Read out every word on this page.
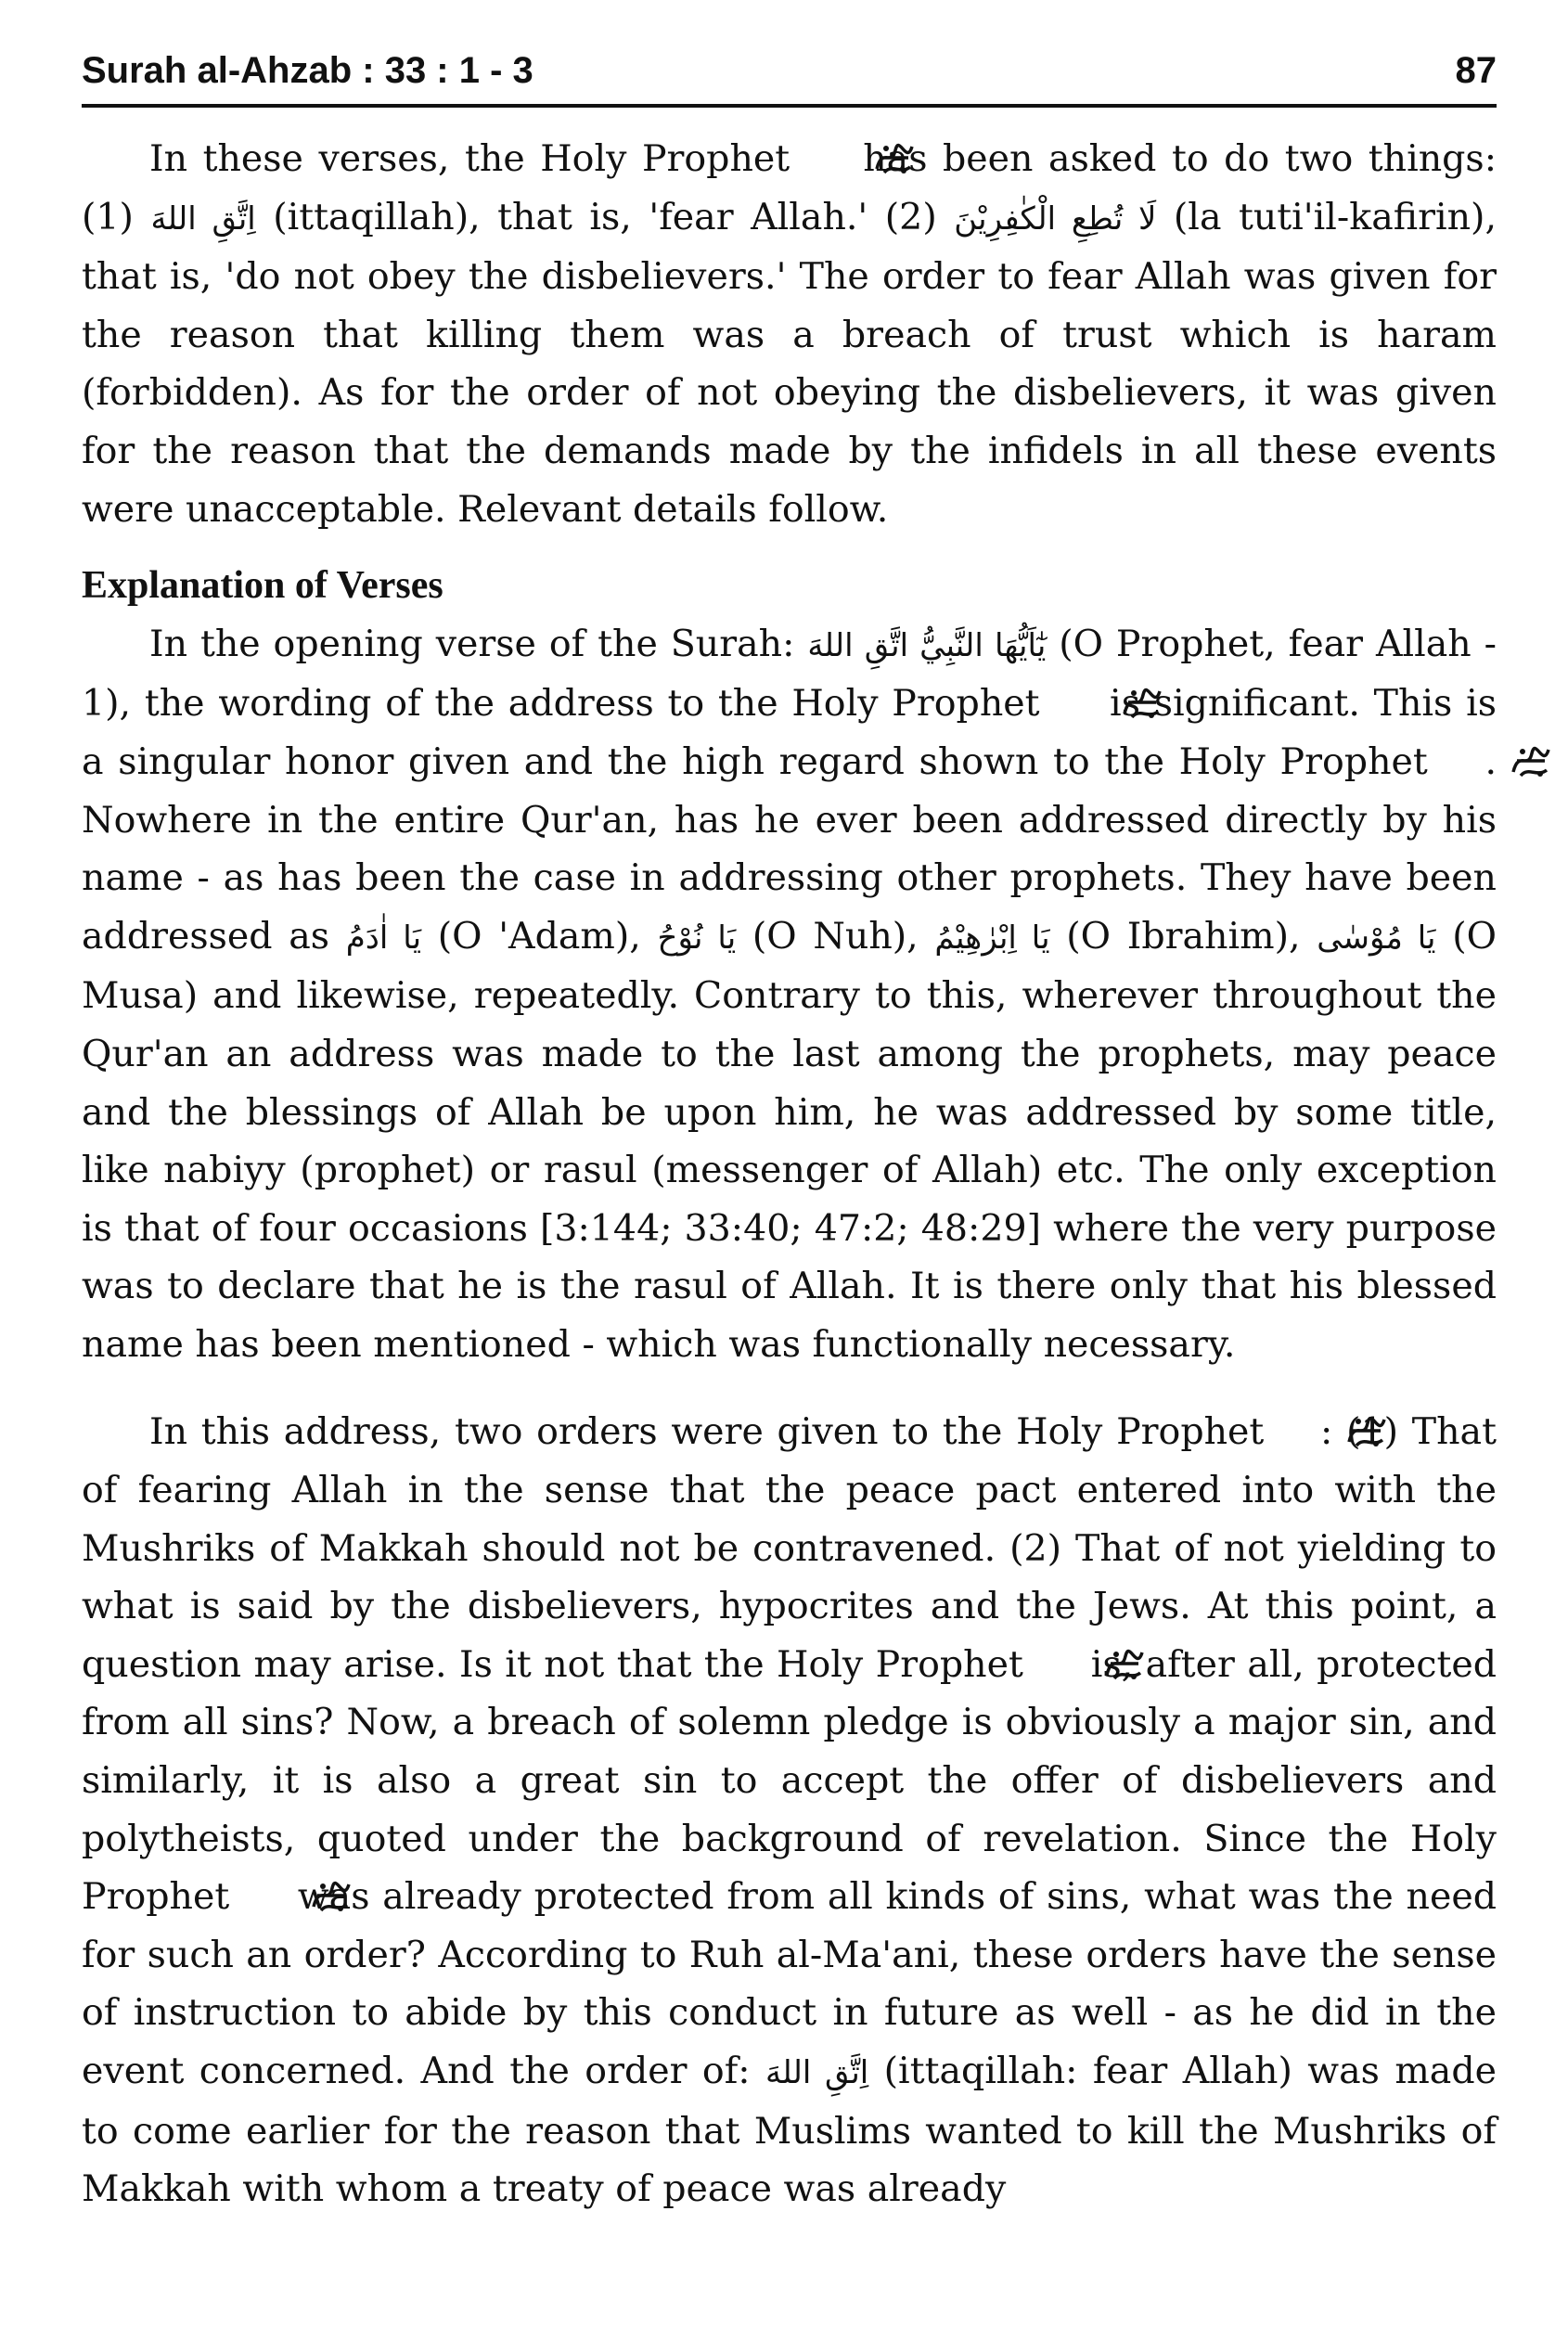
Surah al-Ahzab : 33 : 1 - 3	87

In these verses, the Holy Prophet  has been asked to do two things: (1) اِتَّقِ اللهَ (ittaqillah), that is, 'fear Allah.' (2) لَا تُطِعِ الْكٰفِرِيْنَ (la tuti'il-kafirin), that is, 'do not obey the disbelievers.' The order to fear Allah was given for the reason that killing them was a breach of trust which is haram (forbidden). As for the order of not obeying the disbelievers, it was given for the reason that the demands made by the infidels in all these events were unacceptable. Relevant details follow.

Explanation of Verses

In the opening verse of the Surah: يٰٓاَيُّهَا النَّبِيُّ اتَّقِ اللهَ (O Prophet, fear Allah - 1), the wording of the address to the Holy Prophet  is significant. This is a singular honor given and the high regard shown to the Holy Prophet . Nowhere in the entire Qur'an, has he ever been addressed directly by his name - as has been the case in addressing other prophets. They have been addressed as يَا اٰدَمُ (O 'Adam), يَا نُوْحُ (O Nuh), يَا اِبْرٰهِيْمُ (O Ibrahim), يَا مُوْسٰى (O Musa) and likewise, repeatedly. Contrary to this, wherever throughout the Qur'an an address was made to the last among the prophets, may peace and the blessings of Allah be upon him, he was addressed by some title, like nabiyy (prophet) or rasul (messenger of Allah) etc. The only exception is that of four occasions [3:144; 33:40; 47:2; 48:29] where the very purpose was to declare that he is the rasul of Allah. It is there only that his blessed name has been mentioned - which was functionally necessary.

In this address, two orders were given to the Holy Prophet : (1) That of fearing Allah in the sense that the peace pact entered into with the Mushriks of Makkah should not be contravened. (2) That of not yielding to what is said by the disbelievers, hypocrites and the Jews. At this point, a question may arise. Is it not that the Holy Prophet  is, after all, protected from all sins? Now, a breach of solemn pledge is obviously a major sin, and similarly, it is also a great sin to accept the offer of disbelievers and polytheists, quoted under the background of revelation. Since the Holy Prophet  was already protected from all kinds of sins, what was the need for such an order? According to Ruh al-Ma'ani, these orders have the sense of instruction to abide by this conduct in future as well - as he did in the event concerned. And the order of: اِتَّقِ اللهَ (ittaqillah: fear Allah) was made to come earlier for the reason that Muslims wanted to kill the Mushriks of Makkah with whom a treaty of peace was already
